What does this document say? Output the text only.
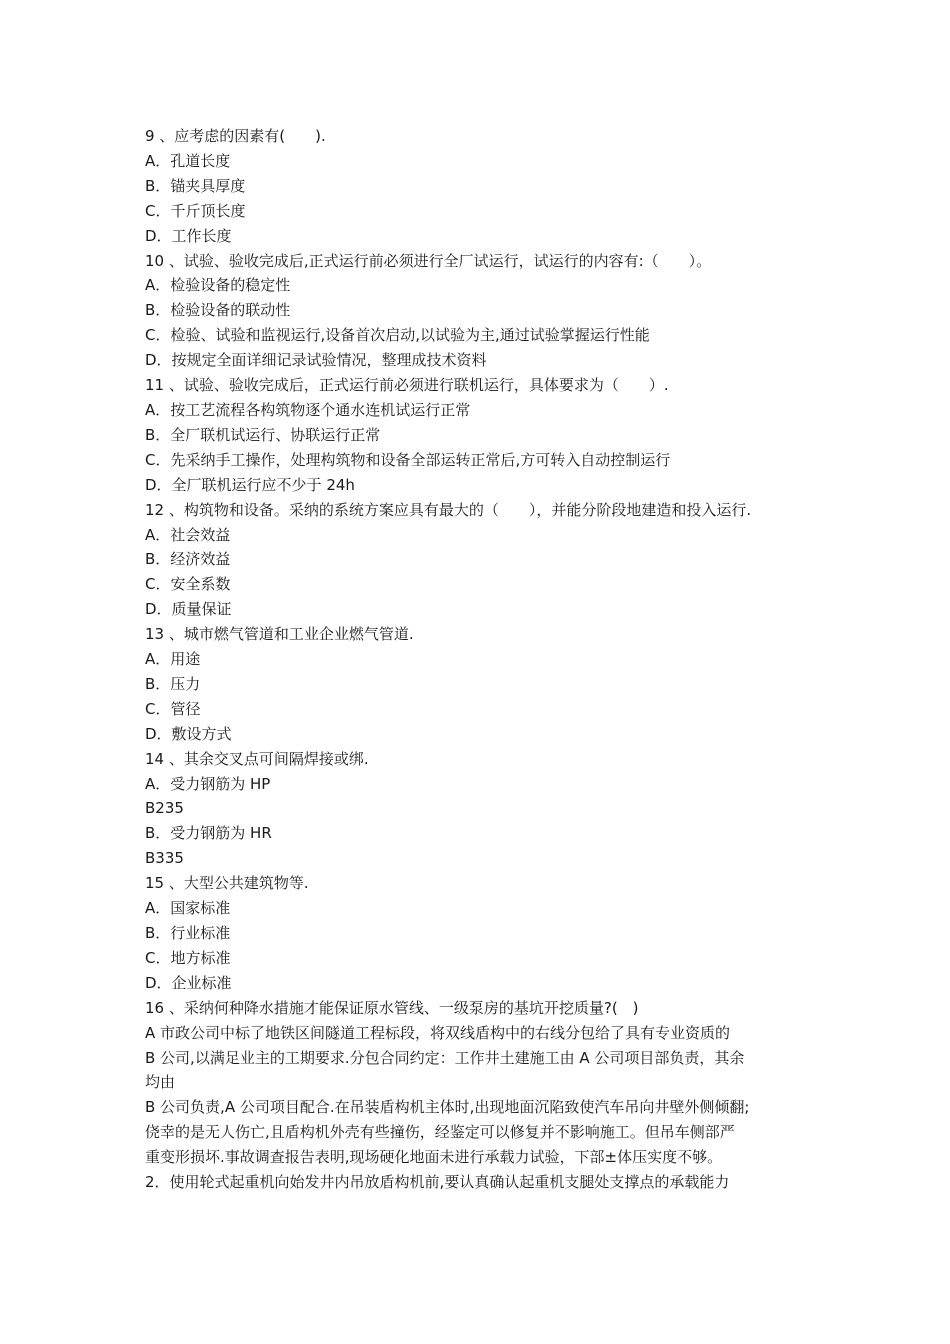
9 、应考虑的因素有(　　).

A．孔道长度

B．锚夹具厚度

C．千斤顶长度

D．工作长度

10 、试验、验收完成后,正式运行前必须进行全厂试运行，试运行的内容有:（　　）。

A．检验设备的稳定性

B．检验设备的联动性

C．检验、试验和监视运行,设备首次启动,以试验为主,通过试验掌握运行性能

D．按规定全面详细记录试验情况，整理成技术资料

11 、试验、验收完成后，正式运行前必须进行联机运行，具体要求为（　　）.

A．按工艺流程各构筑物逐个通水连机试运行正常

B．全厂联机试运行、协联运行正常

C．先采纳手工操作，处理构筑物和设备全部运转正常后,方可转入自动控制运行

D．全厂联机运行应不少于 24h

12 、构筑物和设备。采纳的系统方案应具有最大的（　　），并能分阶段地建造和投入运行.

A．社会效益

B．经济效益

C．安全系数

D．质量保证

13 、城市燃气管道和工业企业燃气管道.

A．用途

B．压力

C．管径

D．敷设方式

14 、其余交叉点可间隔焊接或绑.

A．受力钢筋为 HP

B235

B．受力钢筋为 HR

B335

15 、大型公共建筑物等.

A．国家标准

B．行业标准

C．地方标准

D．企业标准

16 、采纳何种降水措施才能保证原水管线、一级泵房的基坑开挖质量?(　)

A 市政公司中标了地铁区间隧道工程标段，将双线盾构中的右线分包给了具有专业资质的

B 公司,以满足业主的工期要求.分包合同约定：工作井土建施工由 A 公司项目部负责，其余

均由

B 公司负责,A 公司项目配合.在吊装盾构机主体时,出现地面沉陷致使汽车吊向井壁外侧倾翻;

侥幸的是无人伤亡,且盾构机外壳有些撞伤，经鉴定可以修复并不影响施工。但吊车侧部严

重变形损坏.事故调查报告表明,现场硬化地面未进行承载力试验，下部±体压实度不够。

2．使用轮式起重机向始发井内吊放盾构机前,要认真确认起重机支腿处支撑点的承载能力
